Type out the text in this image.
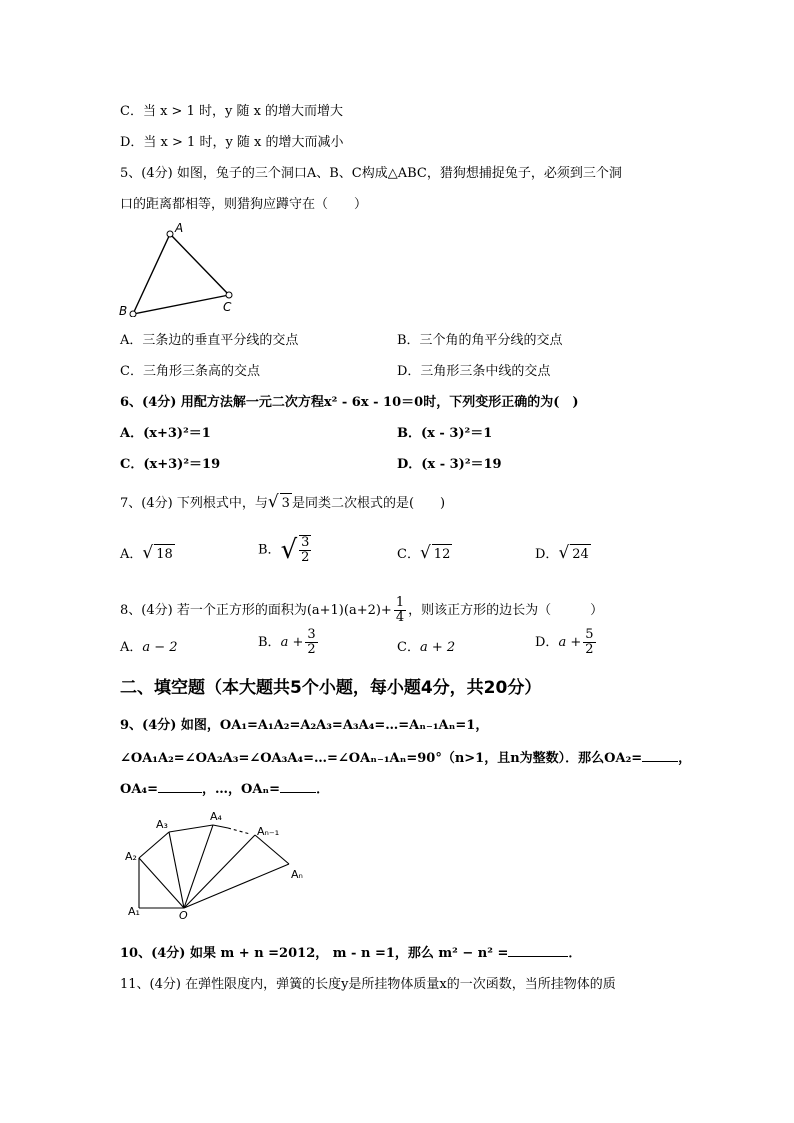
C．当 x > 1 时，y 随 x 的增大而增大
D．当 x > 1 时，y 随 x 的增大而减小
5、(4分) 如图，兔子的三个洞口A、B、C构成△ABC，猎狗想捕捉兔子，必须到三个洞
口的距离都相等，则猎狗应蹲守在（　　）
A
B	C
A．三条边的垂直平分线的交点	B．三个角的角平分线的交点
C．三角形三条高的交点	D．三角形三条中线的交点
6、(4分) 用配方法解一元二次方程x² - 6x - 10＝0时，下列变形正确的为(　)
A．(x+3)²＝1	B．(x - 3)²＝1
C．(x+3)²＝19	D．(x - 3)²＝19
7、(4分) 下列根式中，与√ 3 是同类二次根式的是(　　)
A．√ 18	B．√ $\frac{3}{2}$	C．√ 12	D．√ 24
8、(4分) 若一个正方形的面积为$(a+1)(a+2)+ \frac{1}{4}$ ，则该正方形的边长为（　　　）
A．a − 2	B．$a + \frac{3}{2}$	C．a + 2	D．$a + \frac{5}{2}$
二、填空题（本大题共5个小题，每小题4分，共20分）
9、(4分) 如图，OA₁=A₁A₂=A₂A₃=A₃A₄=…=Aₙ₋₁Aₙ=1，
∠OA₁A₂=∠OA₂A₃=∠OA₃A₄=…=∠OAₙ₋₁Aₙ=90°（n>1，且n为整数）．那么OA₂=	，
OA₄=	，…，OAₙ=	．
A₁
A₂
A₃
A₄
Aₙ₋₁
Aₙ
O
10、(4分) 如果 m + n =2012， m - n =1，那么 m² − n² =	．
11、(4分) 在弹性限度内，弹簧的长度y是所挂物体质量x的一次函数，当所挂物体的质
